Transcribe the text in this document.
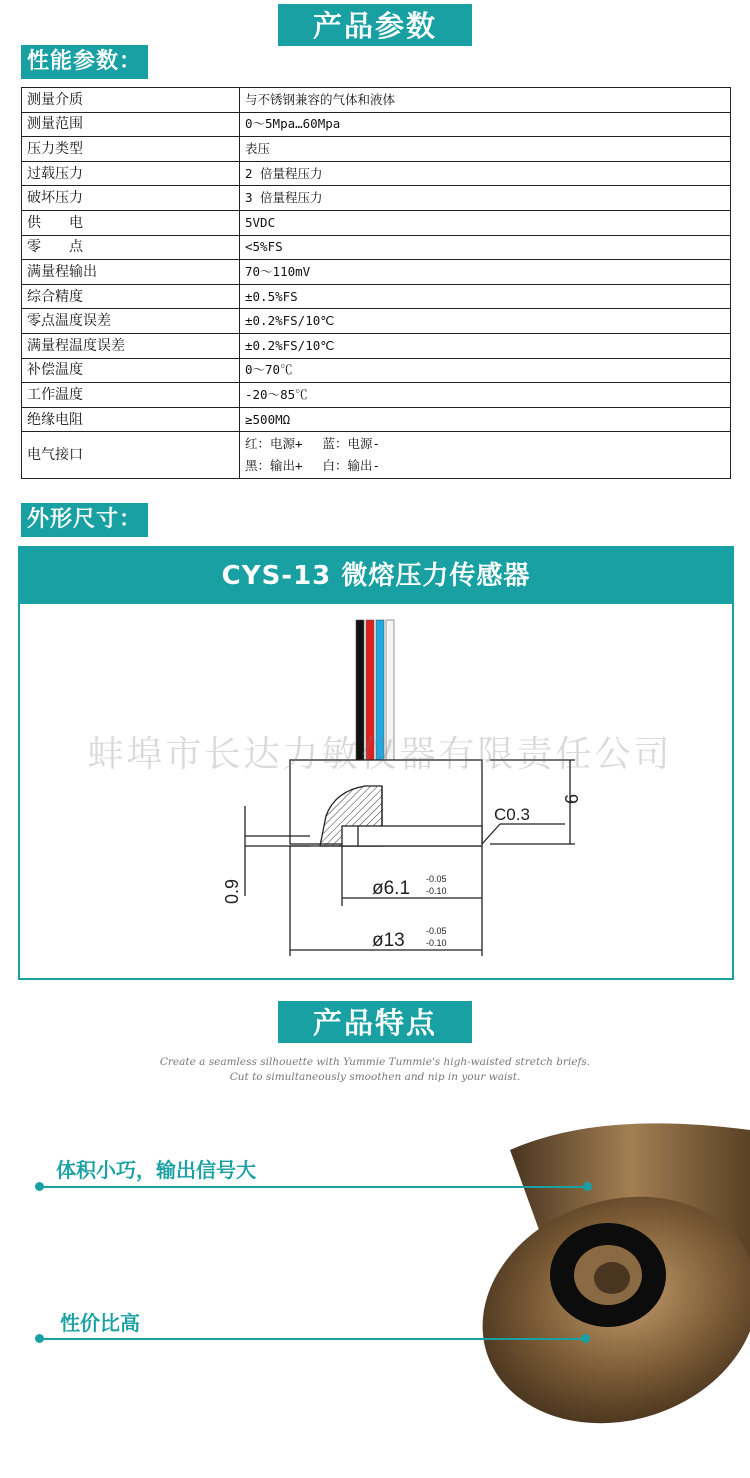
产品参数
性能参数：
测量介质	与不锈钢兼容的气体和液体
测量范围	0～5Mpa…60Mpa
压力类型	表压
过载压力	2 倍量程压力
破坏压力	3 倍量程压力
供　　电	5VDC
零　　点	<5%FS
满量程输出	70～110mV
综合精度	±0.5%FS
零点温度误差	±0.2%FS/10℃
满量程温度误差	±0.2%FS/10℃
补偿温度	0～70℃
工作温度	-20～85℃
绝缘电阻	≥500MΩ
电气接口	红：电源+　 蓝：电源-
黑：输出+　 白：输出-
外形尺寸：
CYS-13 微熔压力传感器
C0.3
6
0.9	ø6.1 -0.05
-0.10
ø13 -0.05
-0.10
蚌埠市长达力敏仪器有限责任公司
产品特点
Create a seamless silhouette with Yummie Tummie's high-waisted stretch briefs.
Cut to simultaneously smoothen and nip in your waist.
体积小巧，输出信号大
性价比高
